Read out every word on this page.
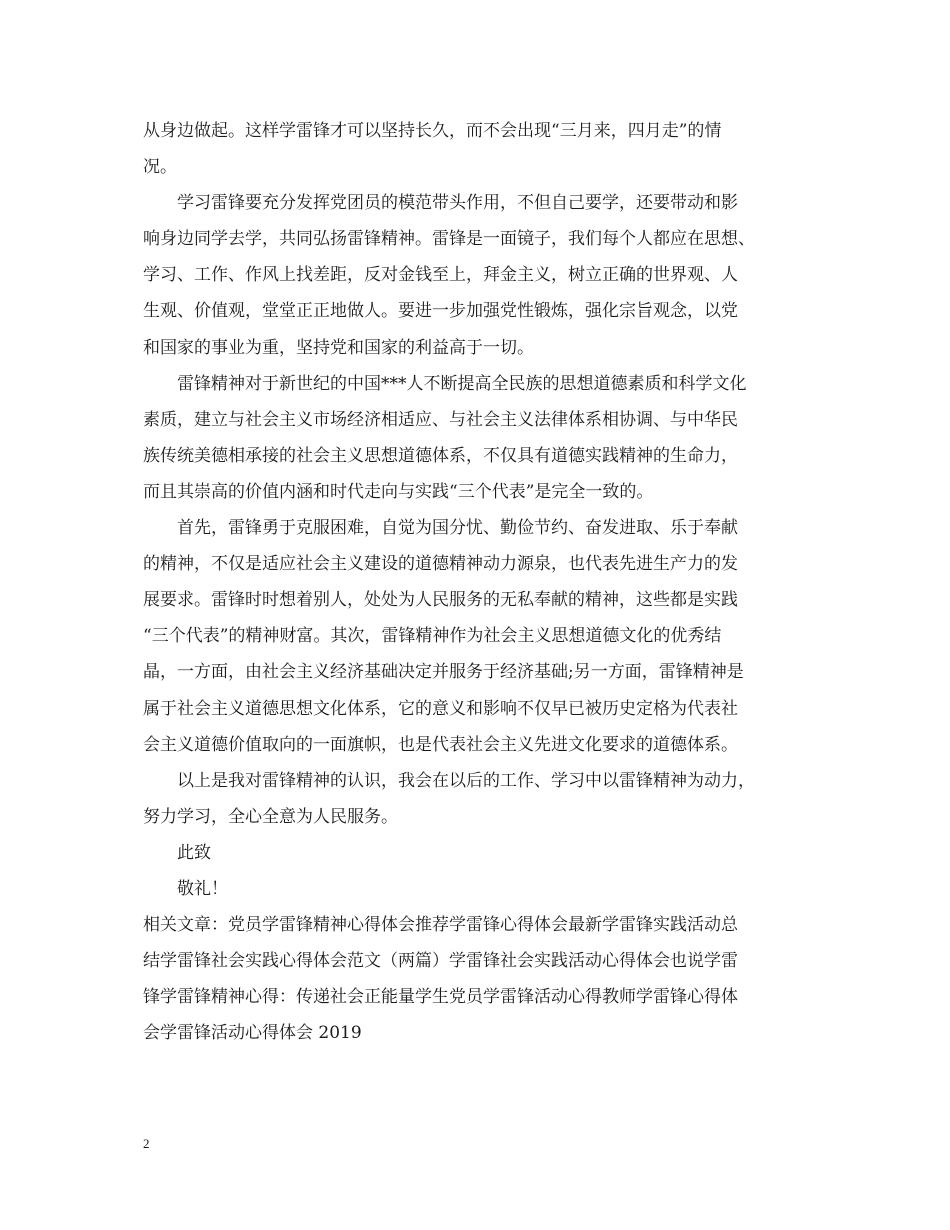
从身边做起。这样学雷锋才可以坚持长久，而不会出现“三月来，四月走”的情
况。
学习雷锋要充分发挥党团员的模范带头作用，不但自己要学，还要带动和影
响身边同学去学，共同弘扬雷锋精神。雷锋是一面镜子，我们每个人都应在思想、
学习、工作、作风上找差距，反对金钱至上，拜金主义，树立正确的世界观、人
生观、价值观，堂堂正正地做人。要进一步加强党性锻炼，强化宗旨观念，以党
和国家的事业为重，坚持党和国家的利益高于一切。
雷锋精神对于新世纪的中国***人不断提高全民族的思想道德素质和科学文化
素质，建立与社会主义市场经济相适应、与社会主义法律体系相协调、与中华民
族传统美德相承接的社会主义思想道德体系，不仅具有道德实践精神的生命力，
而且其崇高的价值内涵和时代走向与实践“三个代表”是完全一致的。
首先，雷锋勇于克服困难，自觉为国分忧、勤俭节约、奋发进取、乐于奉献
的精神，不仅是适应社会主义建设的道德精神动力源泉，也代表先进生产力的发
展要求。雷锋时时想着别人，处处为人民服务的无私奉献的精神，这些都是实践
“三个代表”的精神财富。其次，雷锋精神作为社会主义思想道德文化的优秀结
晶，一方面，由社会主义经济基础决定并服务于经济基础;另一方面，雷锋精神是
属于社会主义道德思想文化体系，它的意义和影响不仅早已被历史定格为代表社
会主义道德价值取向的一面旗帜，也是代表社会主义先进文化要求的道德体系。
以上是我对雷锋精神的认识，我会在以后的工作、学习中以雷锋精神为动力，
努力学习，全心全意为人民服务。
此致
敬礼！
相关文章：党员学雷锋精神心得体会推荐学雷锋心得体会最新学雷锋实践活动总
结学雷锋社会实践心得体会范文（两篇）学雷锋社会实践活动心得体会也说学雷
锋学雷锋精神心得：传递社会正能量学生党员学雷锋活动心得教师学雷锋心得体
会学雷锋活动心得体会 2019
2
